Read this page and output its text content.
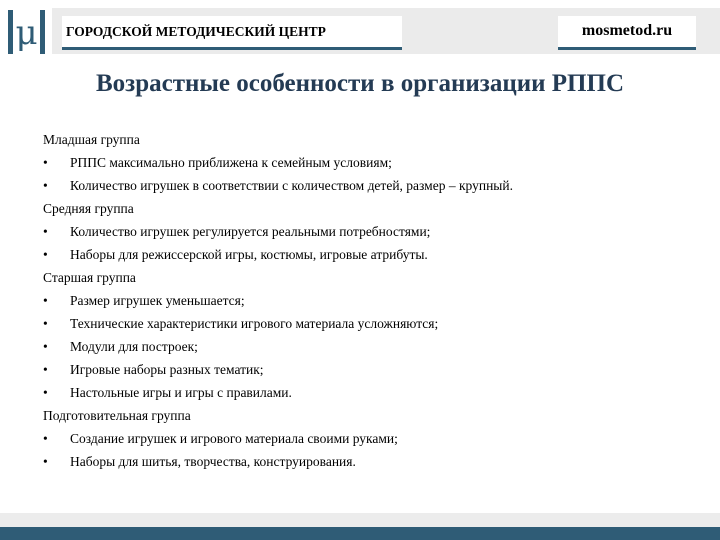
μ ГОРОДСКОЙ МЕТОДИЧЕСКИЙ ЦЕНТР	mosmetod.ru
Возрастные особенности в организации РППС
Младшая группа
• РППС максимально приближена к семейным условиям;
• Количество игрушек в соответствии с количеством детей, размер – крупный.
Средняя группа
• Количество игрушек регулируется реальными потребностями;
• Наборы для режиссерской игры, костюмы, игровые атрибуты.
Старшая группа
• Размер игрушек уменьшается;
• Технические характеристики игрового материала усложняются;
• Модули для построек;
• Игровые наборы разных тематик;
• Настольные игры и игры с правилами.
Подготовительная группа
• Создание игрушек и игрового материала своими руками;
• Наборы для шитья, творчества, конструирования.
